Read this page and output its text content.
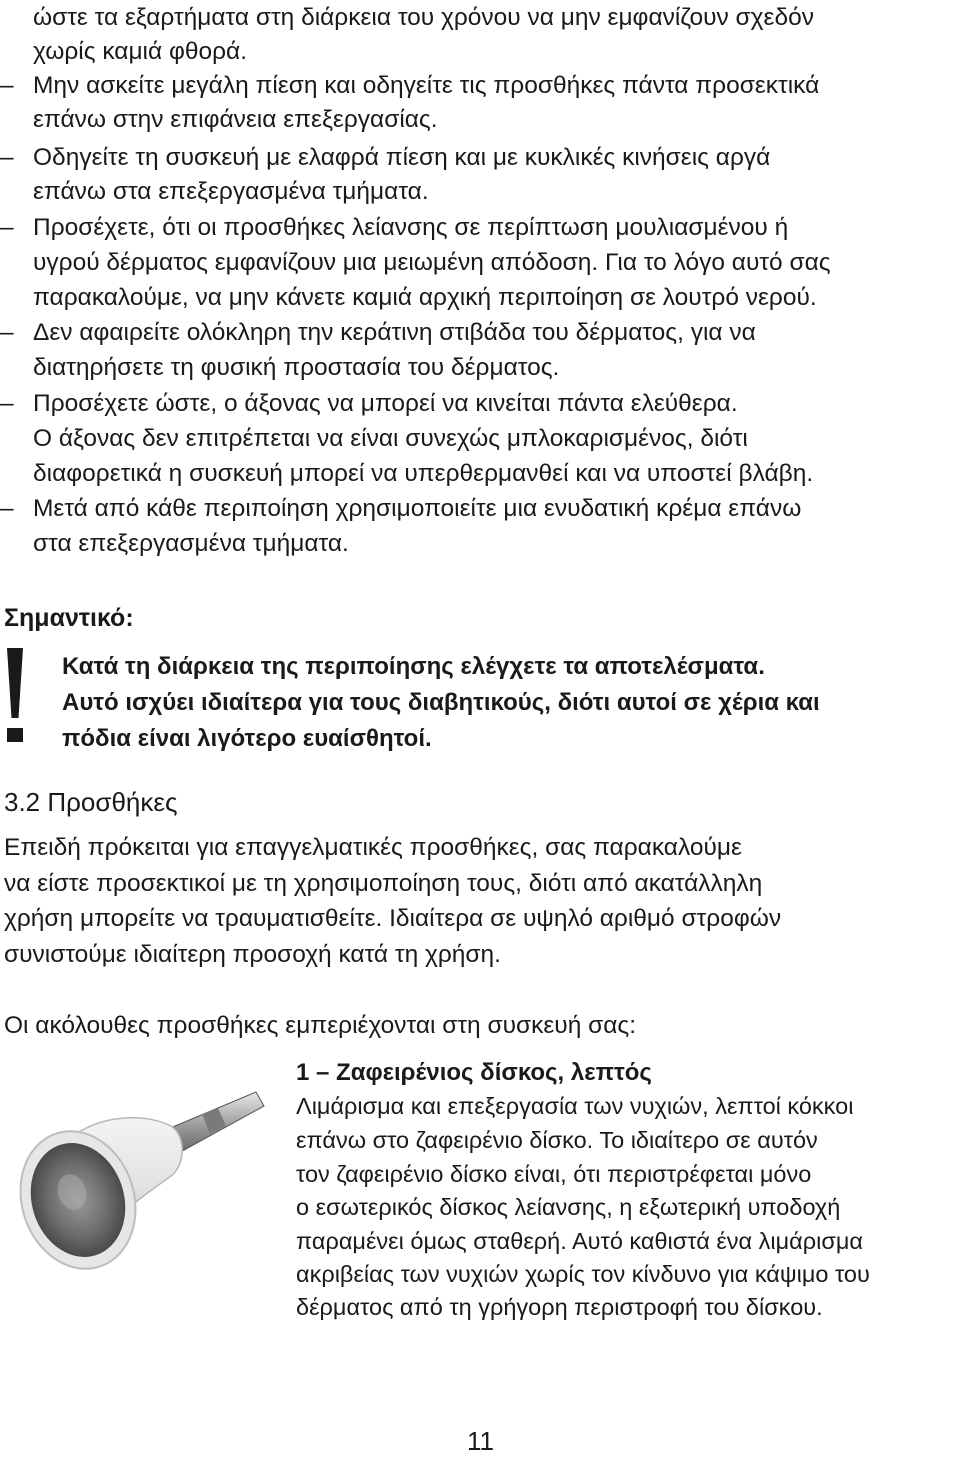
ώστε τα εξαρτήματα στη διάρκεια του χρόνου να μην εμφανίζουν σχεδόν
χωρίς καμιά φθορά.
– Μην ασκείτε μεγάλη πίεση και οδηγείτε τις προσθήκες πάντα προσεκτικά
επάνω στην επιφάνεια επεξεργασίας.
– Οδηγείτε τη συσκευή με ελαφρά πίεση και με κυκλικές κινήσεις αργά
επάνω στα επεξεργασμένα τμήματα.
– Προσέχετε, ότι οι προσθήκες λείανσης σε περίπτωση μουλιασμένου ή
υγρού δέρματος εμφανίζουν μια μειωμένη απόδοση. Για το λόγο αυτό σας
παρακαλούμε, να μην κάνετε καμιά αρχική περιποίηση σε λουτρό νερού.
– Δεν αφαιρείτε ολόκληρη την κεράτινη στιβάδα του δέρματος, για να
διατηρήσετε τη φυσική προστασία του δέρματος.
– Προσέχετε ώστε, ο άξονας να μπορεί να κινείται πάντα ελεύθερα.
Ο άξονας δεν επιτρέπεται να είναι συνεχώς μπλοκαρισμένος, διότι
διαφορετικά η συσκευή μπορεί να υπερθερμανθεί και να υποστεί βλάβη.
– Μετά από κάθε περιποίηση χρησιμοποιείτε μια ενυδατική κρέμα επάνω
στα επεξεργασμένα τμήματα.
Σημαντικό:
Κατά τη διάρκεια της περιποίησης ελέγχετε τα αποτελέσματα.
Αυτό ισχύει ιδιαίτερα για τους διαβητικούς, διότι αυτοί σε χέρια και
πόδια είναι λιγότερο ευαίσθητοί.
3.2 Προσθήκες
Επειδή πρόκειται για επαγγελματικές προσθήκες, σας παρακαλούμε
να είστε προσεκτικοί με τη χρησιμοποίηση τους, διότι από ακατάλληλη
χρήση μπορείτε να τραυματισθείτε. Ιδιαίτερα σε υψηλό αριθμό στροφών
συνιστούμε ιδιαίτερη προσοχή κατά τη χρήση.
Οι ακόλουθες προσθήκες εμπεριέχονται στη συσκευή σας:
1 – Ζαφειρένιος δίσκος, λεπτός
Λιμάρισμα και επεξεργασία των νυχιών, λεπτοί κόκκοι
επάνω στο ζαφειρένιο δίσκο. Το ιδιαίτερο σε αυτόν
τον ζαφειρένιο δίσκο είναι, ότι περιστρέφεται μόνο
ο εσωτερικός δίσκος λείανσης, η εξωτερική υποδοχή
παραμένει όμως σταθερή. Αυτό καθιστά ένα λιμάρισμα
ακριβείας των νυχιών χωρίς τον κίνδυνο για κάψιμο του
δέρματος από τη γρήγορη περιστροφή του δίσκου.
11
